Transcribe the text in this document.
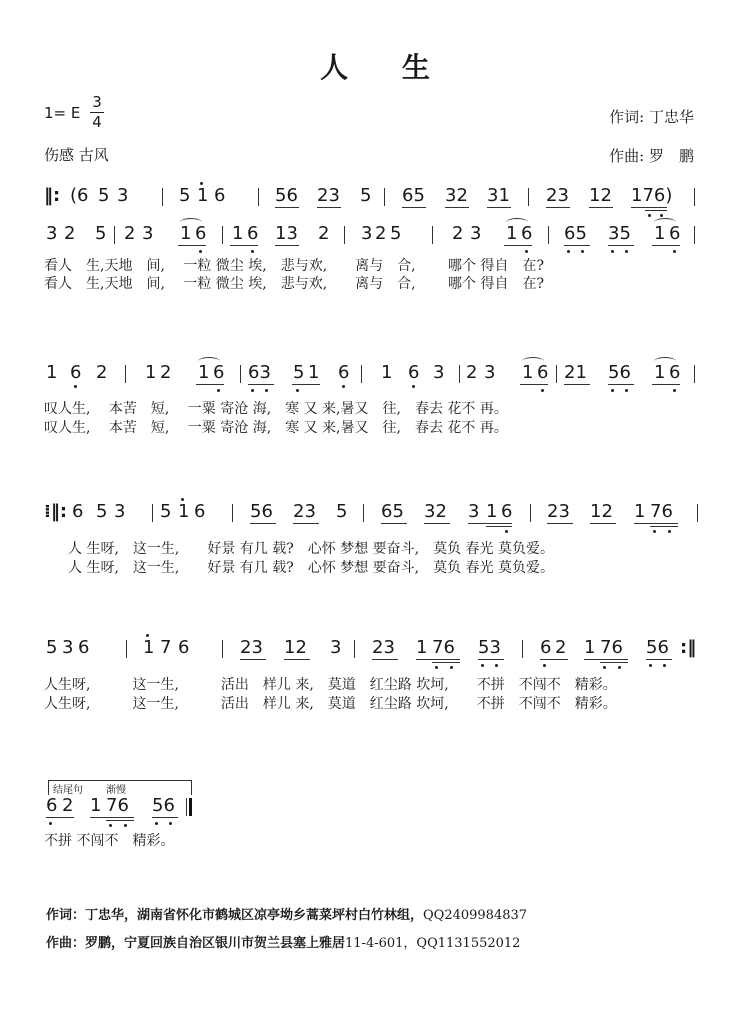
人 生
1= E
3
4
伤感 古风
作词: 丁忠华
作曲: 罗　鹏
‖: (6 5 3	5 1 6	56 23 5 65 32 31 23 12 176)
3 2 5 2 3 1 6 1 6 13 2 3 2 5	2 3 1 6 65 35 1 6
看人　生,天地　间,　 一粒 微尘 埃,　悲与欢,　　离与　合,　　 哪个 得自　在?
看人　生,天地　间,　 一粒 微尘 埃,　悲与欢,　　离与　合,　　 哪个 得自　在?
1 6 2 1 2 1 6 63 5 1 6 1 6 3 2 3 1 6 21 56 1 6
叹人生,　 本苦　短,　 一粟 寄沧 海,　寒 又 来,暑又　往,　春去 花不 再。
叹人生,　 本苦　短,　 一粟 寄沧 海,　寒 又 来,暑又　往,　春去 花不 再。
⁞‖: 6 5 3 5 1 6 56 23 5 65 32 3 1 6 23 12 1 76
人 生呀,　这一生,　　好景 有几 载?　心怀 梦想 要奋斗,　莫负 春光 莫负爱。
人 生呀,　这一生,　　好景 有几 载?　心怀 梦想 要奋斗,　莫负 春光 莫负爱。
5 3 6	1 7 6	23 12 3 23 1 76 53 6 2 1 76 56 :‖
人生呀,　　　这一生,　　　活出　样儿 来,　莫道　红尘路 坎坷,　　不拼　不闯不　精彩。
人生呀,　　　这一生,　　　活出　样儿 来,　莫道　红尘路 坎坷,　　不拼　不闯不　精彩。
结尾句 渐慢
6 2 1 76 56
不拼 不闯不　精彩。
作词：丁忠华，湖南省怀化市鹤城区凉亭坳乡蒿菜坪村白竹林组，QQ2409984837
作曲：罗鹏，宁夏回族自治区银川市贺兰县塞上雅居11-4-601，QQ1131552012
